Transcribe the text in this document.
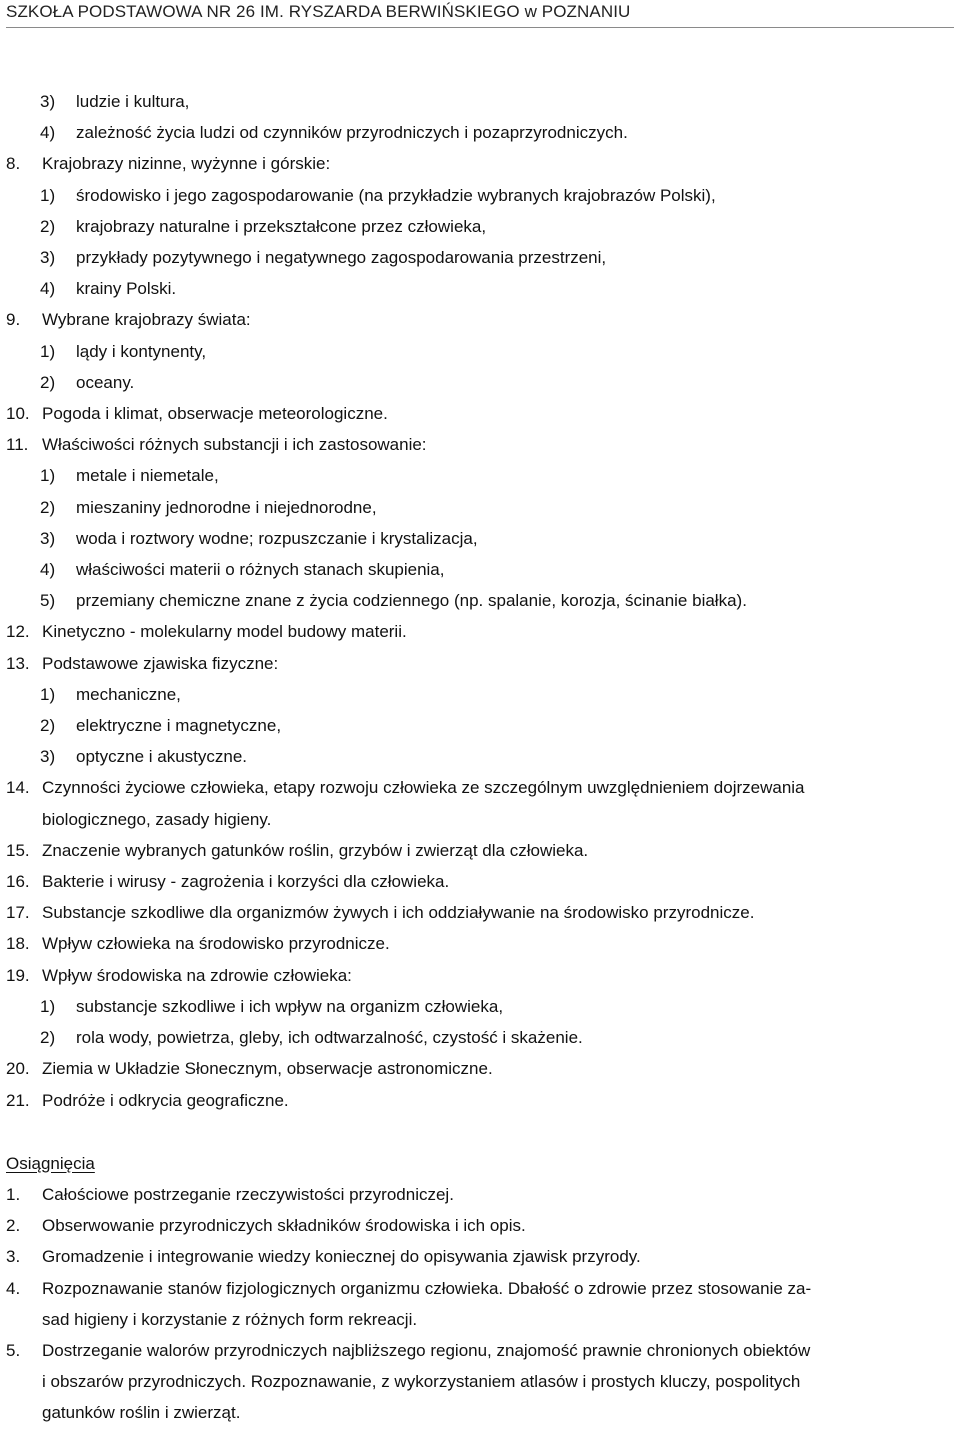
SZKOŁA PODSTAWOWA NR 26 IM. RYSZARDA BERWIŃSKIEGO w POZNANIU
3) ludzie i kultura,

4) zależność życia ludzi od czynników przyrodniczych i pozaprzyrodniczych.

8. Krajobrazy nizinne, wyżynne i górskie:

1) środowisko i jego zagospodarowanie (na przykładzie wybranych krajobrazów Polski),

2) krajobrazy naturalne i przekształcone przez człowieka,

3) przykłady pozytywnego i negatywnego zagospodarowania przestrzeni,

4) krainy Polski.

9. Wybrane krajobrazy świata:

1) lądy i kontynenty,

2) oceany.

10. Pogoda i klimat, obserwacje meteorologiczne.

11. Właściwości różnych substancji i ich zastosowanie:

1) metale i niemetale,

2) mieszaniny jednorodne i niejednorodne,

3) woda i roztwory wodne; rozpuszczanie i krystalizacja,

4) właściwości materii o różnych stanach skupienia,

5) przemiany chemiczne znane z życia codziennego (np. spalanie, korozja, ścinanie białka).

12. Kinetyczno - molekularny model budowy materii.

13. Podstawowe zjawiska fizyczne:

1) mechaniczne,

2) elektryczne i magnetyczne,

3) optyczne i akustyczne.

14. Czynności życiowe człowieka, etapy rozwoju człowieka ze szczególnym uwzględnieniem dojrzewania

biologicznego, zasady higieny.

15. Znaczenie wybranych gatunków roślin, grzybów i zwierząt dla człowieka.

16. Bakterie i wirusy - zagrożenia i korzyści dla człowieka.

17. Substancje szkodliwe dla organizmów żywych i ich oddziaływanie na środowisko przyrodnicze.

18. Wpływ człowieka na środowisko przyrodnicze.

19. Wpływ środowiska na zdrowie człowieka:

1) substancje szkodliwe i ich wpływ na organizm człowieka,

2) rola wody, powietrza, gleby, ich odtwarzalność, czystość i skażenie.

20. Ziemia w Układzie Słonecznym, obserwacje astronomiczne.

21. Podróże i odkrycia geograficzne.

Osiągnięcia
1. Całościowe postrzeganie rzeczywistości przyrodniczej.

2. Obserwowanie przyrodniczych składników środowiska i ich opis.

3. Gromadzenie i integrowanie wiedzy koniecznej do opisywania zjawisk przyrody.

4. Rozpoznawanie stanów fizjologicznych organizmu człowieka. Dbałość o zdrowie przez stosowanie za-

sad higieny i korzystanie z różnych form rekreacji.

5. Dostrzeganie walorów przyrodniczych najbliższego regionu, znajomość prawnie chronionych obiektów

i obszarów przyrodniczych. Rozpoznawanie, z wykorzystaniem atlasów i prostych kluczy, pospolitych

gatunków roślin i zwierząt.
